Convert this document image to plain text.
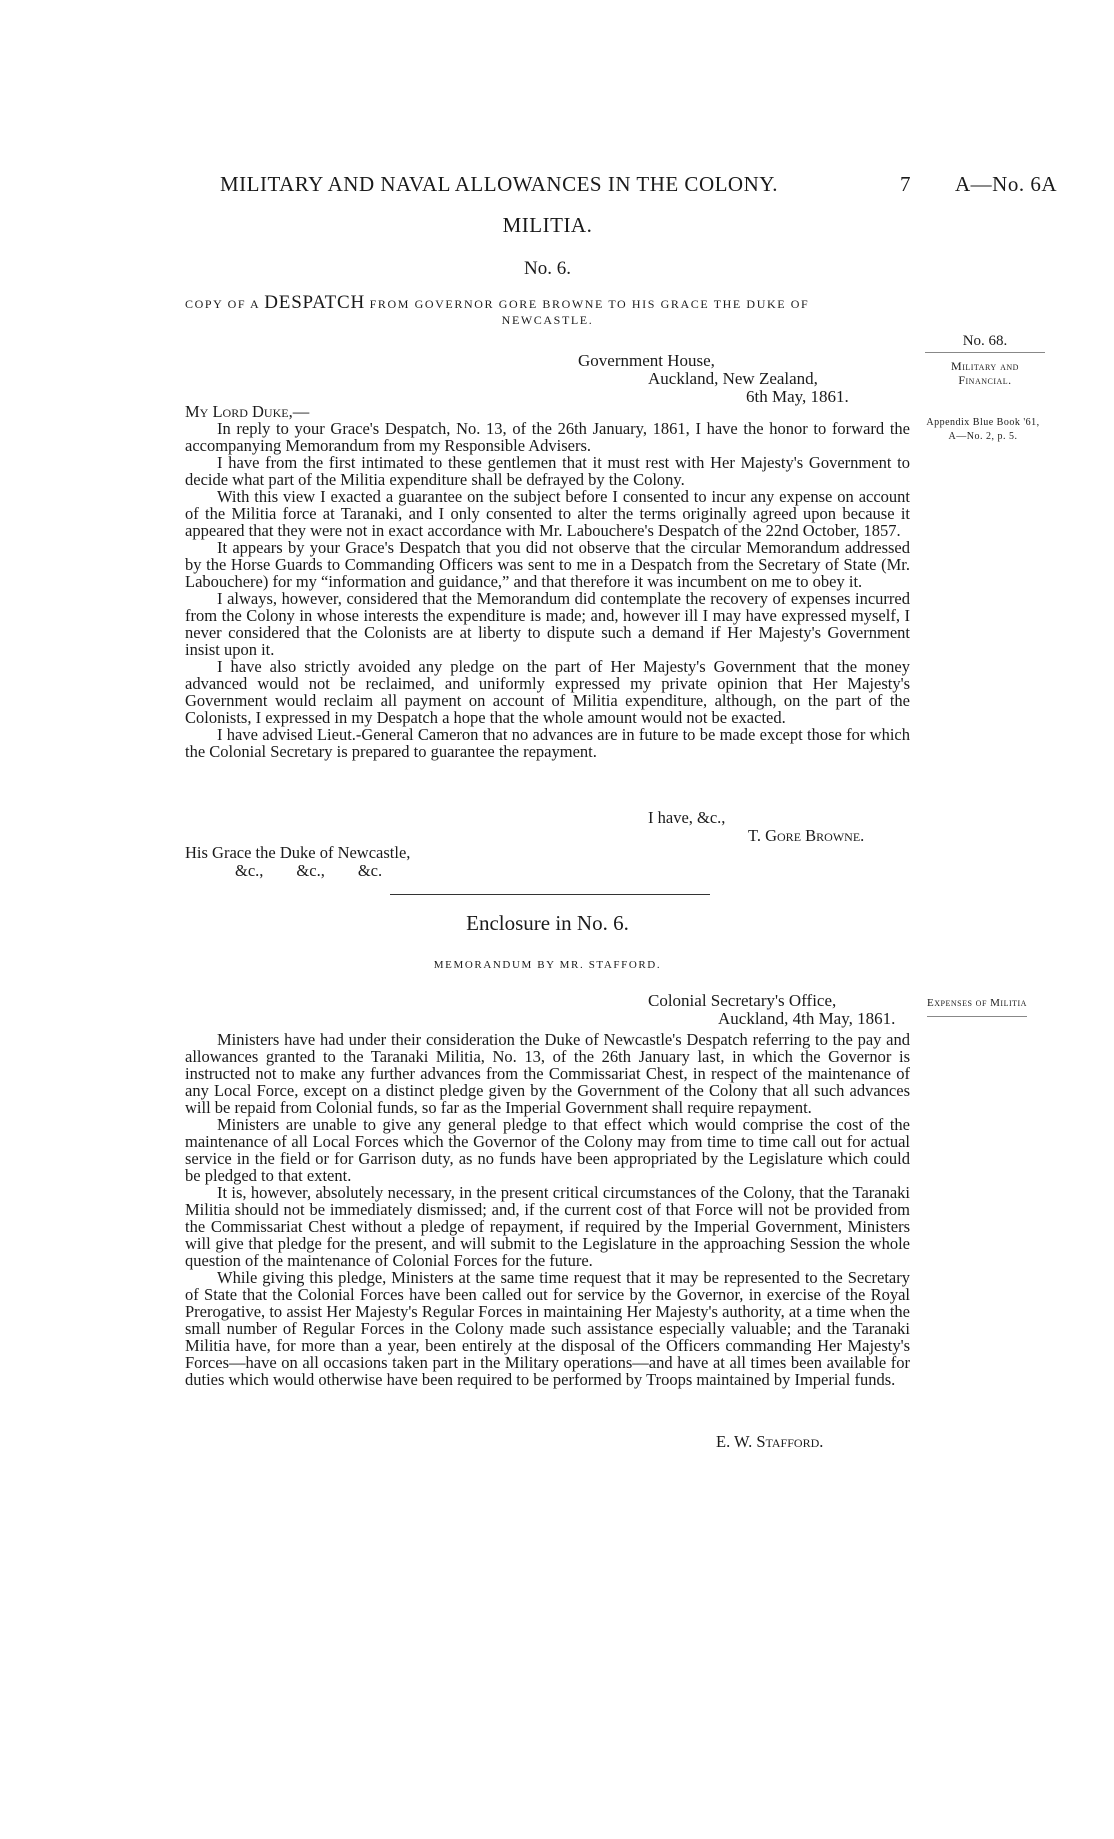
MILITARY AND NAVAL ALLOWANCES IN THE COLONY.	7 A—No. 6A
MILITIA.
No. 6.
COPY OF A DESPATCH FROM GOVERNOR GORE BROWNE TO HIS GRACE THE DUKE OF
NEWCASTLE.
No. 68.
Military and Financial.
Government House,
Auckland, New Zealand,
6th May, 1861.
Appendix Blue Book '61,
A—No. 2, p. 5.

My Lord Duke,—

In reply to your Grace's Despatch, No. 13, of the 26th January, 1861, I have the honor to forward the accompanying Memorandum from my Responsible Advisers.

I have from the first intimated to these gentlemen that it must rest with Her Majesty's Government to decide what part of the Militia expenditure shall be defrayed by the Colony.

With this view I exacted a guarantee on the subject before I consented to incur any expense on account of the Militia force at Taranaki, and I only consented to alter the terms originally agreed upon because it appeared that they were not in exact accordance with Mr. Labouchere's Despatch of the 22nd October, 1857.

It appears by your Grace's Despatch that you did not observe that the circular Memorandum addressed by the Horse Guards to Commanding Officers was sent to me in a Despatch from the Secretary of State (Mr. Labouchere) for my “information and guidance,” and that therefore it was incumbent on me to obey it.

I always, however, considered that the Memorandum did contemplate the recovery of expenses incurred from the Colony in whose interests the expenditure is made; and, however ill I may have expressed myself, I never considered that the Colonists are at liberty to dispute such a demand if Her Majesty's Government insist upon it.

I have also strictly avoided any pledge on the part of Her Majesty's Government that the money advanced would not be reclaimed, and uniformly expressed my private opinion that Her Majesty's Government would reclaim all payment on account of Militia expenditure, although, on the part of the Colonists, I expressed in my Despatch a hope that the whole amount would not be exacted.

I have advised Lieut.-General Cameron that no advances are in future to be made except those for which the Colonial Secretary is prepared to guarantee the repayment.

I have, &c.,
T. Gore Browne.
His Grace the Duke of Newcastle,
&c.,        &c.,        &c.
Enclosure in No. 6.
MEMORANDUM BY MR. STAFFORD.
Colonial Secretary's Office,
Auckland, 4th May, 1861.
Expenses of Militia

Ministers have had under their consideration the Duke of Newcastle's Despatch referring to the pay and allowances granted to the Taranaki Militia, No. 13, of the 26th January last, in which the Governor is instructed not to make any further advances from the Commissariat Chest, in respect of the maintenance of any Local Force, except on a distinct pledge given by the Government of the Colony that all such advances will be repaid from Colonial funds, so far as the Imperial Government shall require repayment.

Ministers are unable to give any general pledge to that effect which would comprise the cost of the maintenance of all Local Forces which the Governor of the Colony may from time to time call out for actual service in the field or for Garrison duty, as no funds have been appropriated by the Legislature which could be pledged to that extent.

It is, however, absolutely necessary, in the present critical circumstances of the Colony, that the Taranaki Militia should not be immediately dismissed; and, if the current cost of that Force will not be provided from the Commissariat Chest without a pledge of repayment, if required by the Imperial Government, Ministers will give that pledge for the present, and will submit to the Legislature in the approaching Session the whole question of the maintenance of Colonial Forces for the future.

While giving this pledge, Ministers at the same time request that it may be represented to the Secretary of State that the Colonial Forces have been called out for service by the Governor, in exercise of the Royal Prerogative, to assist Her Majesty's Regular Forces in maintaining Her Majesty's authority, at a time when the small number of Regular Forces in the Colony made such assistance especially valuable; and the Taranaki Militia have, for more than a year, been entirely at the disposal of the Officers commanding Her Majesty's Forces—have on all occasions taken part in the Military operations—and have at all times been available for duties which would otherwise have been required to be performed by Troops maintained by Imperial funds.

E. W. Stafford.
